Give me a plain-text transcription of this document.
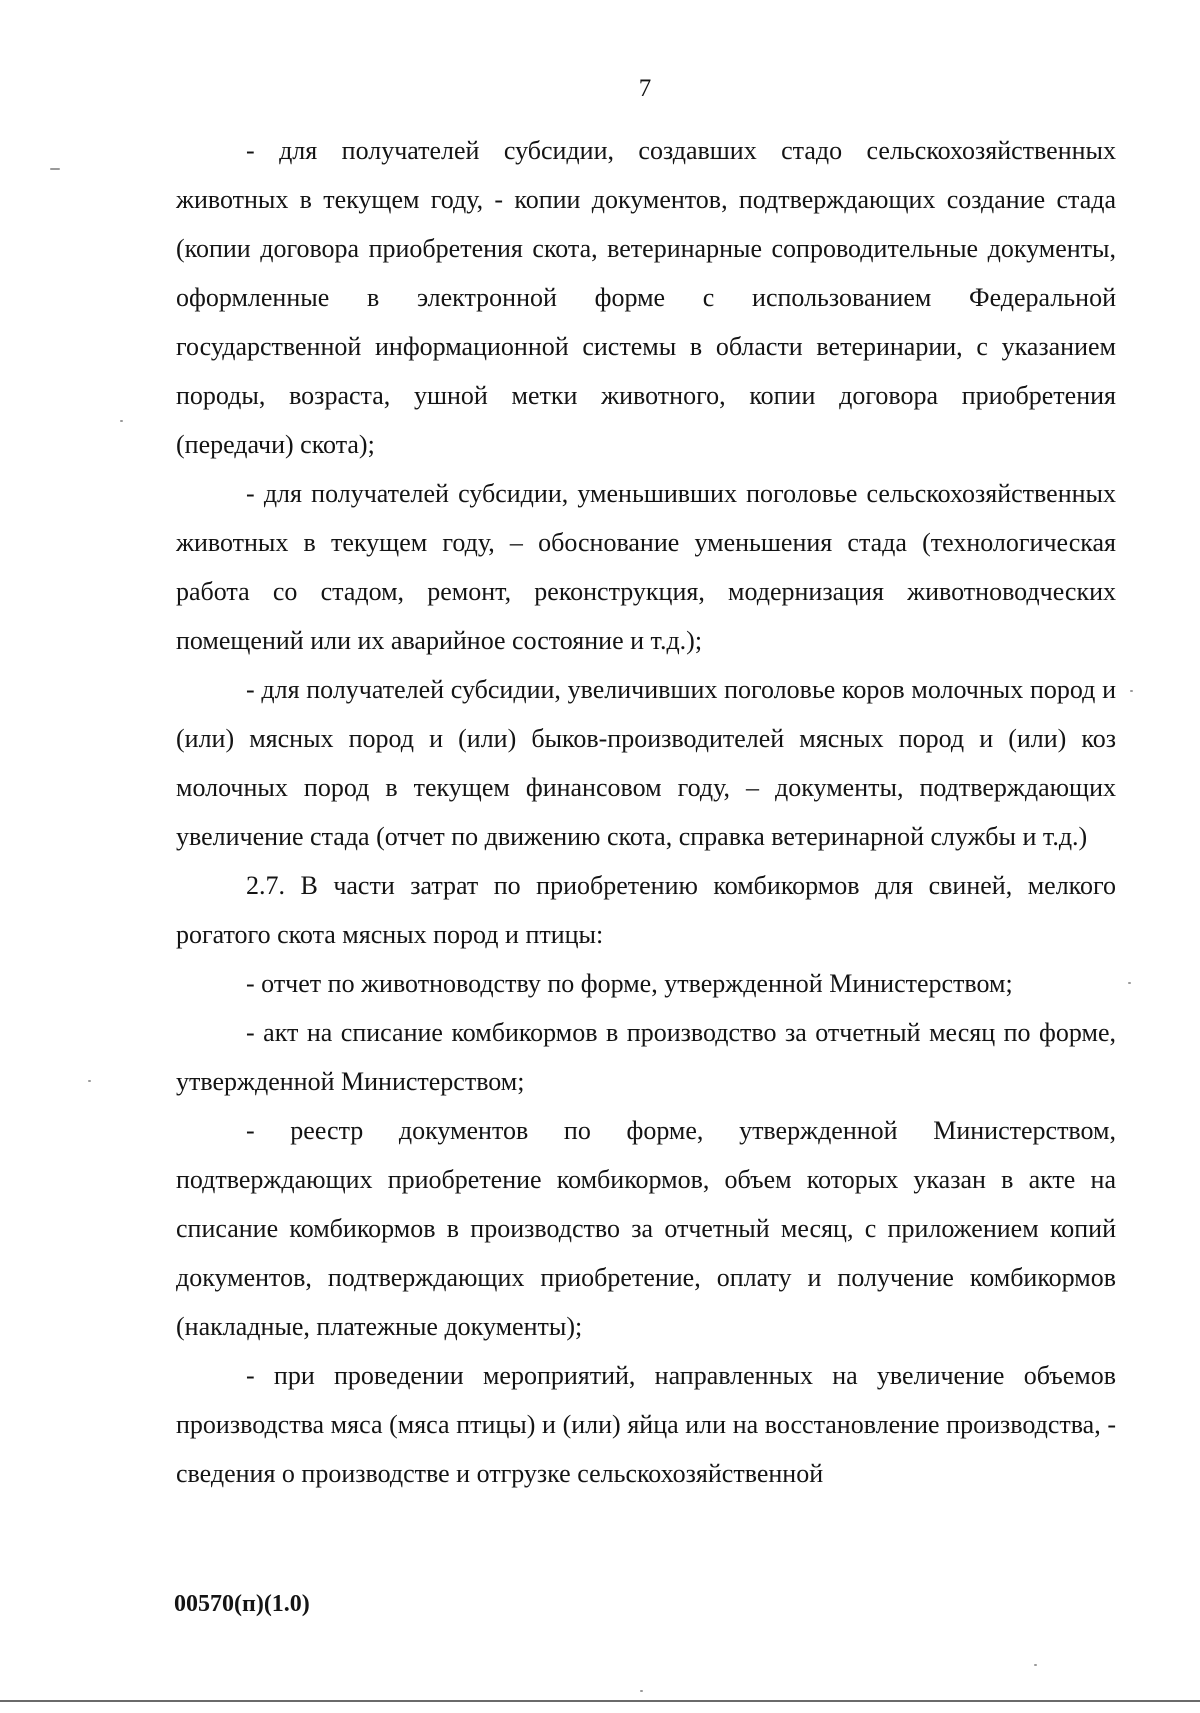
7

- для получателей субсидии, создавших стадо сельскохозяйственных животных в текущем году, - копии документов, подтверждающих создание стада (копии договора приобретения скота, ветеринарные сопроводительные документы, оформленные в электронной форме с использованием Федеральной государственной информационной системы в области ветеринарии, с указанием породы, возраста, ушной метки животного, копии договора приобретения (передачи) скота);

- для получателей субсидии, уменьшивших поголовье сельскохозяйственных животных в текущем году, – обоснование уменьшения стада (технологическая работа со стадом, ремонт, реконструкция, модернизация животноводческих помещений или их аварийное состояние и т.д.);

- для получателей субсидии, увеличивших поголовье коров молочных пород и (или) мясных пород и (или) быков-производителей мясных пород и (или) коз молочных пород в текущем финансовом году, – документы, подтверждающих увеличение стада (отчет по движению скота, справка ветеринарной службы и т.д.)

2.7. В части затрат по приобретению комбикормов для свиней, мелкого рогатого скота мясных пород и птицы:

- отчет по животноводству по форме, утвержденной Министерством;

- акт на списание комбикормов в производство за отчетный месяц по форме, утвержденной Министерством;

- реестр документов по форме, утвержденной Министерством, подтверждающих приобретение комбикормов, объем которых указан в акте на списание комбикормов в производство за отчетный месяц, с приложением копий документов, подтверждающих приобретение, оплату и получение комбикормов (накладные, платежные документы);

- при проведении мероприятий, направленных на увеличение объемов производства мяса (мяса птицы) и (или) яйца или на восстановление производства, - сведения о производстве и отгрузке сельскохозяйственной

00570(п)(1.0)
